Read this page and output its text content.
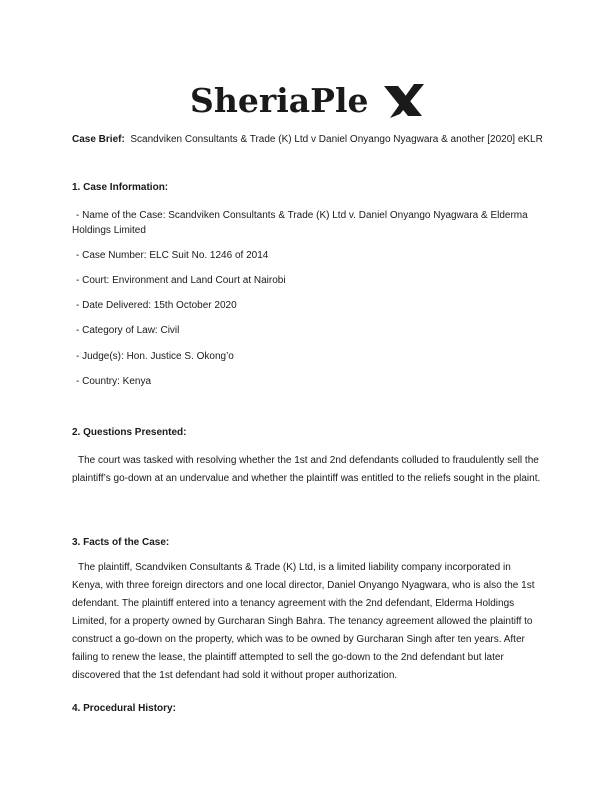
SheriaPle
Case Brief: Scandviken Consultants & Trade (K) Ltd v Daniel Onyango Nyagwara & another [2020] eKLR
1. Case Information:
- Name of the Case: Scandviken Consultants & Trade (K) Ltd v. Daniel Onyango Nyagwara & Elderma Holdings Limited
- Case Number: ELC Suit No. 1246 of 2014
- Court: Environment and Land Court at Nairobi
- Date Delivered: 15th October 2020
- Category of Law: Civil
- Judge(s): Hon. Justice S. Okong’o
- Country: Kenya
2. Questions Presented:
The court was tasked with resolving whether the 1st and 2nd defendants colluded to fraudulently sell the plaintiff’s go-down at an undervalue and whether the plaintiff was entitled to the reliefs sought in the plaint.
3. Facts of the Case:
The plaintiff, Scandviken Consultants & Trade (K) Ltd, is a limited liability company incorporated in Kenya, with three foreign directors and one local director, Daniel Onyango Nyagwara, who is also the 1st defendant. The plaintiff entered into a tenancy agreement with the 2nd defendant, Elderma Holdings Limited, for a property owned by Gurcharan Singh Bahra. The tenancy agreement allowed the plaintiff to construct a go-down on the property, which was to be owned by Gurcharan Singh after ten years. After failing to renew the lease, the plaintiff attempted to sell the go-down to the 2nd defendant but later discovered that the 1st defendant had sold it without proper authorization.
4. Procedural History:
